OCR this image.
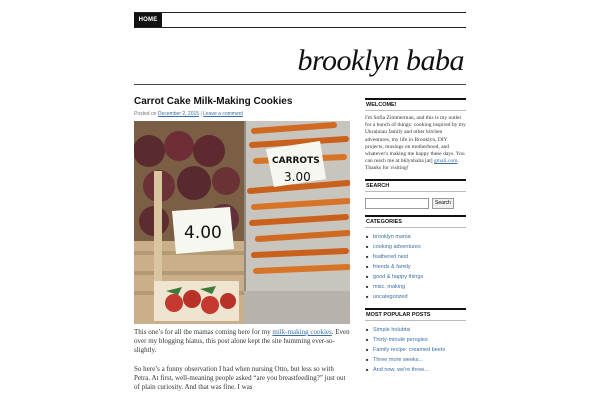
HOME
brooklyn baba
Carrot Cake Milk-Making Cookies
Posted on December 2, 2015 | Leave a comment
4.00
CARROTS
3.00

This one’s for all the mamas coming here for my milk-making cookies. Even over my blogging hiatus, this post alone kept the site humming ever-so-slightly.

So here’s a funny observation I had when nursing Otto, but less so with Petra. At first, well-meaning people asked “are you breastfeeding?” just out of plain curiosity. And that was fine. I was

WELCOME!
I'm Sofia Zimmerman, and this is my outlet for a bunch of things: cooking inspired by my Ukrainian family and other kitchen adventures, my life in Brooklyn, DIY projects, musings on motherhood, and whatever's making me happy these days. You can reach me at bklynbaba [at] gmail.com. Thanks for visiting!
SEARCH
Search
CATEGORIES
■ brooklyn mama
■ cooking adventures
■ feathered nest
■ friends & family
■ good & happy things
■ misc. making
■ uncategorized
MOST POPULAR POSTS
■ Simple holubtsi
■ Thirty-minute perogies
■ Family recipe: creamed beets
■ Three more weeks...
■ And now, we're three...
